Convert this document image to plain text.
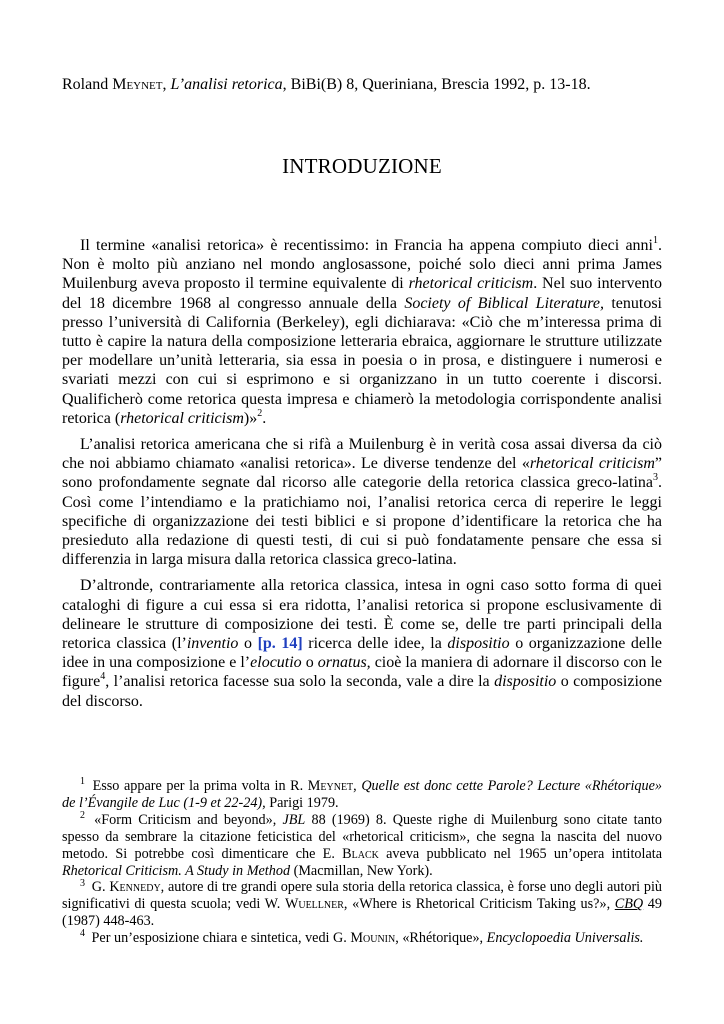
Roland Meynet, L’analisi retorica, BiBi(B) 8, Queriniana, Brescia 1992, p. 13-18.
INTRODUZIONE

Il termine «analisi retorica» è recentissimo: in Francia ha appena compiuto dieci anni$^1$. Non è molto più anziano nel mondo anglosassone, poiché solo dieci anni prima James Muilenburg aveva proposto il termine equivalente di rhetorical criticism. Nel suo intervento del 18 dicembre 1968 al congresso annuale della Society of Biblical Literature, tenutosi presso l’università di California (Berkeley), egli dichiarava: «Ciò che m’interessa prima di tutto è capire la natura della composizione letteraria ebraica, aggiornare le strutture utilizzate per modellare un’unità letteraria, sia essa in poesia o in prosa, e distinguere i numerosi e svariati mezzi con cui si esprimono e si organizzano in un tutto coerente i discorsi. Qualificherò come retorica questa impresa e chiamerò la metodologia corrispondente analisi retorica (rhetorical criticism)»$^2$.

L’analisi retorica americana che si rifà a Muilenburg è in verità cosa assai diversa da ciò che noi abbiamo chiamato «analisi retorica». Le diverse tendenze del «rhetorical criticism” sono profondamente segnate dal ricorso alle categorie della retorica classica greco-latina$^3$. Così come l’intendiamo e la pratichiamo noi, l’analisi retorica cerca di reperire le leggi specifiche di organizzazione dei testi biblici e si propone d’identificare la retorica che ha presieduto alla redazione di questi testi, di cui si può fondatamente pensare che essa si differenzia in larga misura dalla retorica classica greco-latina.

D’altronde, contrariamente alla retorica classica, intesa in ogni caso sotto forma di quei cataloghi di figure a cui essa si era ridotta, l’analisi retorica si propone esclusivamente di delineare le strutture di composizione dei testi. È come se, delle tre parti principali della retorica classica (l’inventio o [p. 14] ricerca delle idee, la dispositio o organizzazione delle idee in una composizione e l’elocutio o ornatus, cioè la maniera di adornare il discorso con le figure$^4$, l’analisi retorica facesse sua solo la seconda, vale a dire la dispositio o composizione del discorso.

$^1$ Esso appare per la prima volta in R. Meynet, Quelle est donc cette Parole? Lecture «Rhétorique» de l’Évangile de Luc (1-9 et 22-24), Parigi 1979.

$^2$ «Form Criticism and beyond», JBL 88 (1969) 8. Queste righe di Muilenburg sono citate tanto spesso da sembrare la citazione feticistica del «rhetorical criticism», che segna la nascita del nuovo metodo. Si potrebbe così dimenticare che E. Black aveva pubblicato nel 1965 un’opera intitolata Rhetorical Criticism. A Study in Method (Macmillan, New York).

$^3$ G. Kennedy, autore di tre grandi opere sula storia della retorica classica, è forse uno degli autori più significativi di questa scuola; vedi W. Wuellner, «Where is Rhetorical Criticism Taking us?», CBQ 49 (1987) 448-463.

$^4$ Per un’esposizione chiara e sintetica, vedi G. Mounin, «Rhétorique», Encyclopoedia Universalis.
